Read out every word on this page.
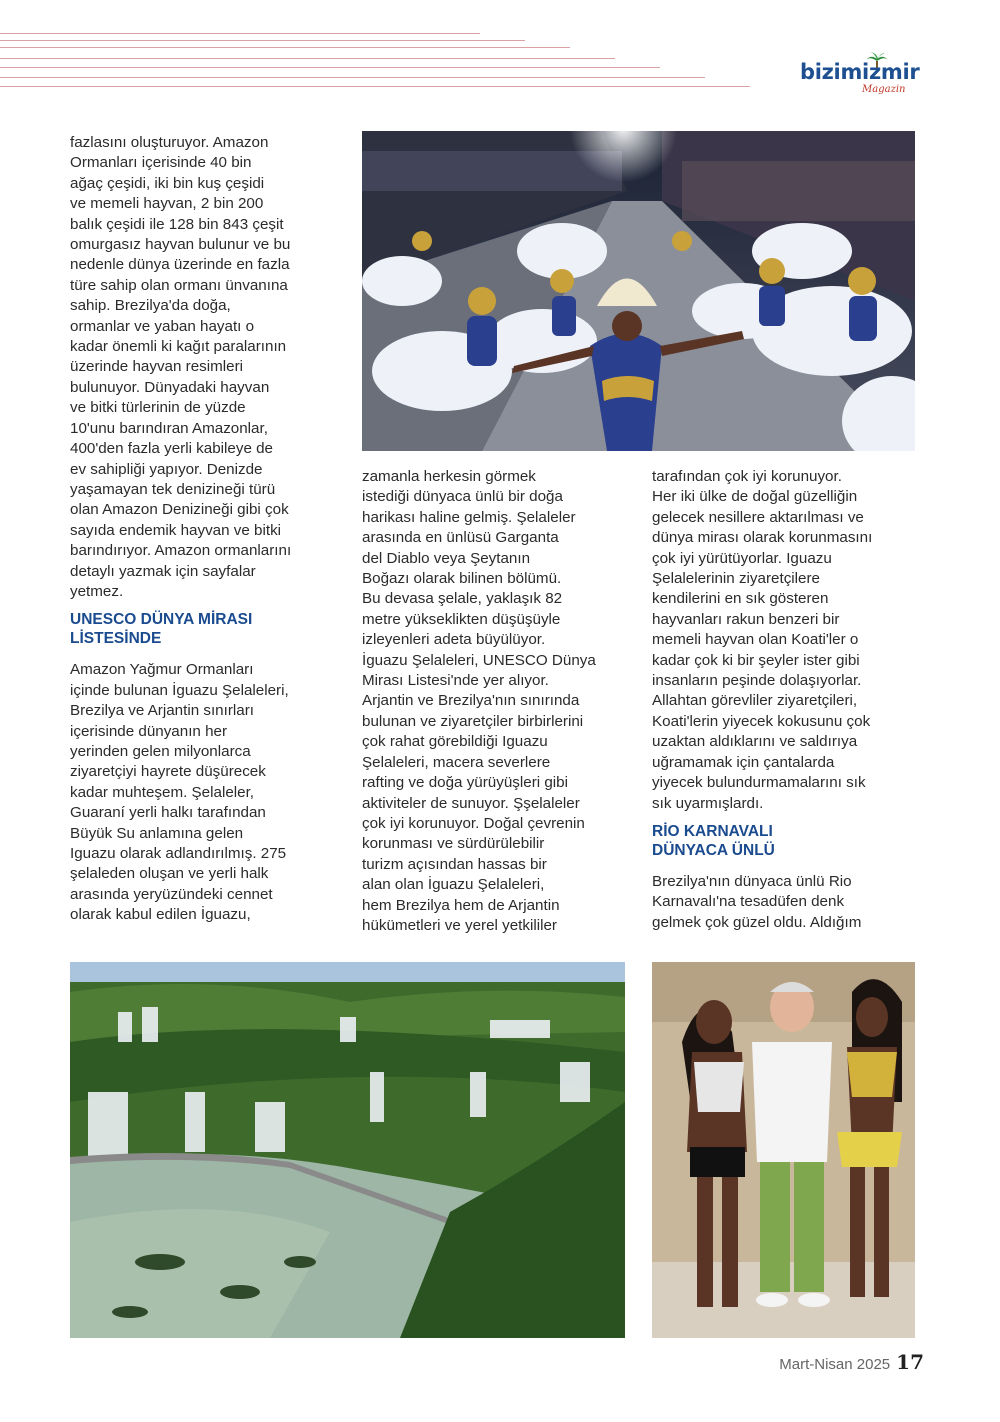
bizimizmir
Magazin

fazlasını oluşturuyor. Amazon

Ormanları içerisinde 40 bin

ağaç çeşidi, iki bin kuş çeşidi

ve memeli hayvan, 2 bin 200

balık çeşidi ile 128 bin 843 çeşit

omurgasız hayvan bulunur ve bu

nedenle dünya üzerinde en fazla

türe sahip olan ormanı ünvanına

sahip. Brezilya'da doğa,

ormanlar ve yaban hayatı o

kadar önemli ki kağıt paralarının

üzerinde hayvan resimleri

bulunuyor. Dünyadaki hayvan

ve bitki türlerinin de yüzde

10'unu barındıran Amazonlar,

400'den fazla yerli kabileye de

ev sahipliği yapıyor. Denizde

yaşamayan tek denizineği türü

olan Amazon Denizineği gibi çok

sayıda endemik hayvan ve bitki

barındırıyor. Amazon ormanlarını

detaylı yazmak için sayfalar

yetmez.

UNESCO DÜNYA MİRASI
LİSTESİNDE

Amazon Yağmur Ormanları

içinde bulunan İguazu Şelaleleri,

Brezilya ve Arjantin sınırları

içerisinde dünyanın her

yerinden gelen milyonlarca

ziyaretçiyi hayrete düşürecek

kadar muhteşem. Şelaleler,

Guaraní yerli halkı tarafından

Büyük Su anlamına gelen

Iguazu olarak adlandırılmış. 275

şelaleden oluşan ve yerli halk

arasında yeryüzündeki cennet

olarak kabul edilen İguazu,

zamanla herkesin görmek

istediği dünyaca ünlü bir doğa

harikası haline gelmiş. Şelaleler

arasında en ünlüsü Garganta

del Diablo veya Şeytanın

Boğazı olarak bilinen bölümü.

Bu devasa şelale, yaklaşık 82

metre yükseklikten düşüşüyle

izleyenleri adeta büyülüyor.

İguazu Şelaleleri, UNESCO Dünya

Mirası Listesi'nde yer alıyor.

Arjantin ve Brezilya'nın sınırında

bulunan ve ziyaretçiler birbirlerini

çok rahat görebildiği Iguazu

Şelaleleri, macera severlere

rafting ve doğa yürüyüşleri gibi

aktiviteler de sunuyor. Şşelaleler

çok iyi korunuyor. Doğal çevrenin

korunması ve sürdürülebilir

turizm açısından hassas bir

alan olan İguazu Şelaleleri,

hem Brezilya hem de Arjantin

hükümetleri ve yerel yetkililer

tarafından çok iyi korunuyor.

Her iki ülke de doğal güzelliğin

gelecek nesillere aktarılması ve

dünya mirası olarak korunmasını

çok iyi yürütüyorlar. Iguazu

Şelalelerinin ziyaretçilere

kendilerini en sık gösteren

hayvanları rakun benzeri bir

memeli hayvan olan Koati'ler o

kadar çok ki bir şeyler ister gibi

insanların peşinde dolaşıyorlar.

Allahtan görevliler ziyaretçileri,

Koati'lerin yiyecek kokusunu çok

uzaktan aldıklarını ve saldırıya

uğramamak için çantalarda

yiyecek bulundurmamalarını sık

sık uyarmışlardı.

RİO KARNAVALI
DÜNYACA ÜNLÜ

Brezilya'nın dünyaca ünlü Rio

Karnavalı'na tesadüfen denk

gelmek çok güzel oldu. Aldığım

Mart-Nisan 2025 17
